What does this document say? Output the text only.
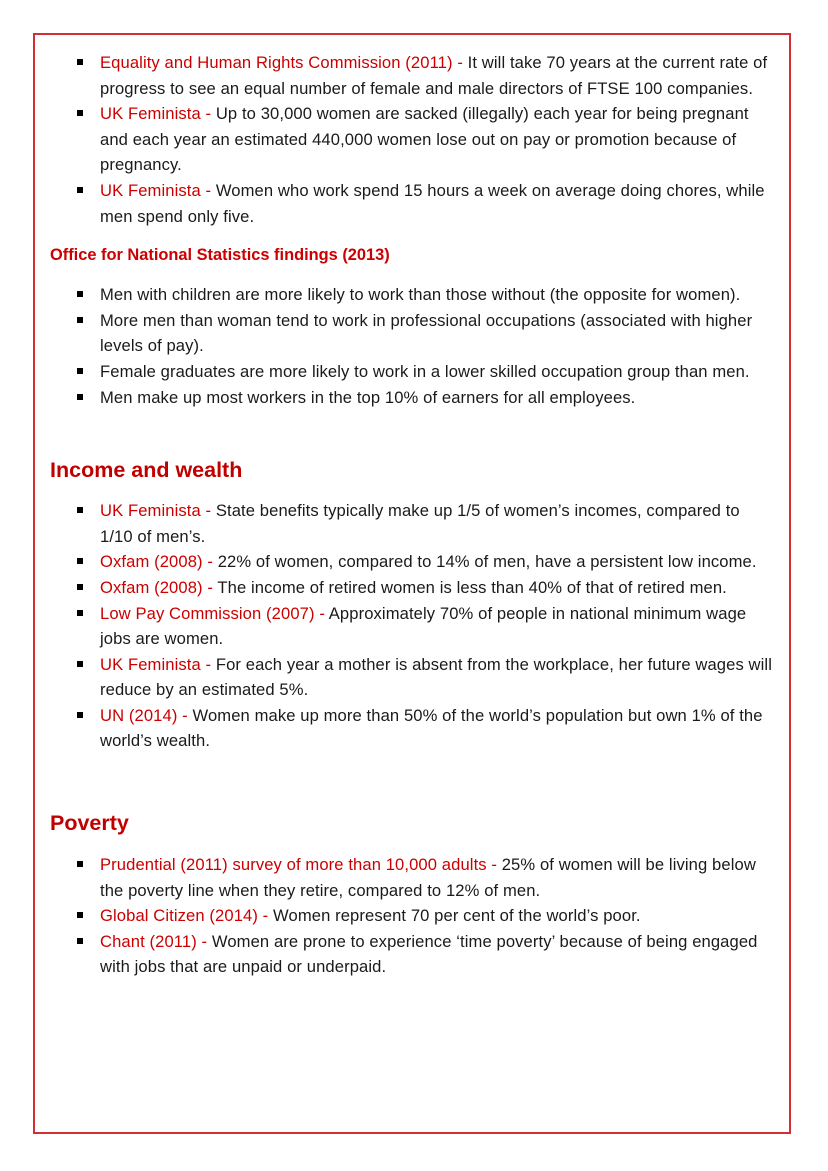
Equality and Human Rights Commission (2011) - It will take 70 years at the current rate of progress to see an equal number of female and male directors of FTSE 100 companies.
UK Feminista - Up to 30,000 women are sacked (illegally) each year for being pregnant and each year an estimated 440,000 women lose out on pay or promotion because of pregnancy.
UK Feminista - Women who work spend 15 hours a week on average doing chores, while men spend only five.
Office for National Statistics findings (2013)
Men with children are more likely to work than those without (the opposite for women).
More men than woman tend to work in professional occupations (associated with higher levels of pay).
Female graduates are more likely to work in a lower skilled occupation group than men.
Men make up most workers in the top 10% of earners for all employees.
Income and wealth
UK Feminista - State benefits typically make up 1/5 of women’s incomes, compared to 1/10 of men’s.
Oxfam (2008) - 22% of women, compared to 14% of men, have a persistent low income.
Oxfam (2008) - The income of retired women is less than 40% of that of retired men.
Low Pay Commission (2007) - Approximately 70% of people in national minimum wage jobs are women.
UK Feminista - For each year a mother is absent from the workplace, her future wages will reduce by an estimated 5%.
UN (2014) - Women make up more than 50% of the world’s population but own 1% of the world’s wealth.
Poverty
Prudential (2011) survey of more than 10,000 adults - 25% of women will be living below the poverty line when they retire, compared to 12% of men.
Global Citizen (2014) - Women represent 70 per cent of the world’s poor.
Chant (2011) - Women are prone to experience ‘time poverty’ because of being engaged with jobs that are unpaid or underpaid.
